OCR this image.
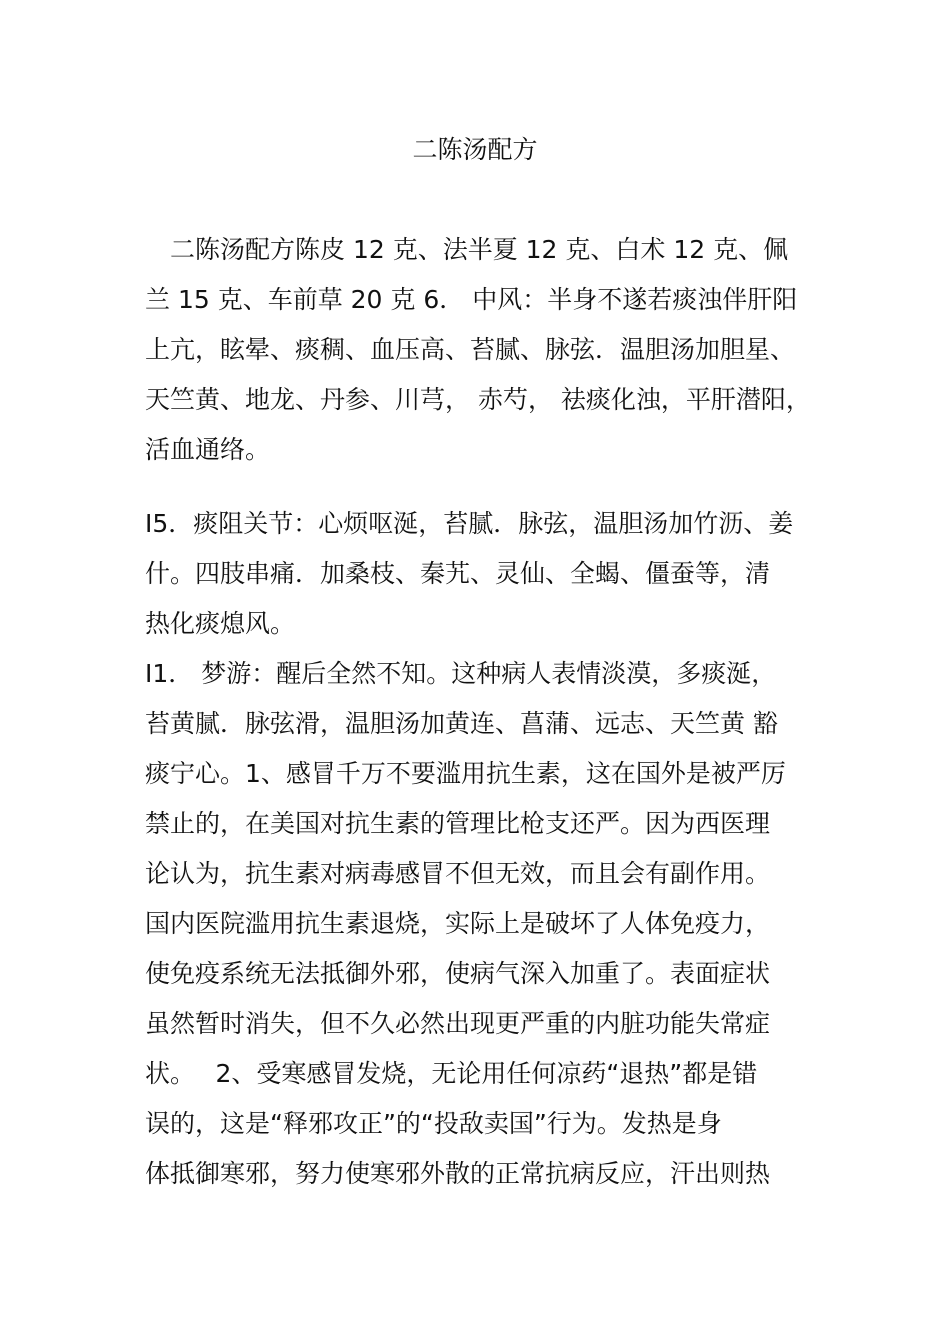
二陈汤配方
　二陈汤配方陈皮 12 克、法半夏 12 克、白术 12 克、佩
兰 15 克、车前草 20 克 6． 中风：半身不遂若痰浊伴肝阳
上亢，眩晕、痰稠、血压高、苔腻、脉弦．温胆汤加胆星、
天竺黄、地龙、丹参、川芎， 赤芍， 祛痰化浊，平肝潜阳，
活血通络。
I5．痰阻关节：心烦呕涎，苔腻．脉弦，温胆汤加竹沥、姜
什。四肢串痛．加桑枝、秦艽、灵仙、全蝎、僵蚕等，清
热化痰熄风。
I1． 梦游：醒后全然不知。这种病人表情淡漠，多痰涎，
苔黄腻．脉弦滑，温胆汤加黄连、菖蒲、远志、天竺黄 豁
痰宁心。1、感冒千万不要滥用抗生素，这在国外是被严厉
禁止的，在美国对抗生素的管理比枪支还严。因为西医理
论认为，抗生素对病毒感冒不但无效，而且会有副作用。
国内医院滥用抗生素退烧，实际上是破坏了人体免疫力，
使免疫系统无法抵御外邪，使病气深入加重了。表面症状
虽然暂时消失，但不久必然出现更严重的内脏功能失常症
状。　 2、受寒感冒发烧，无论用任何凉药“退热”都是错
误的，这是“释邪攻正”的“投敌卖国”行为。发热是身
体抵御寒邪，努力使寒邪外散的正常抗病反应，汗出则热
